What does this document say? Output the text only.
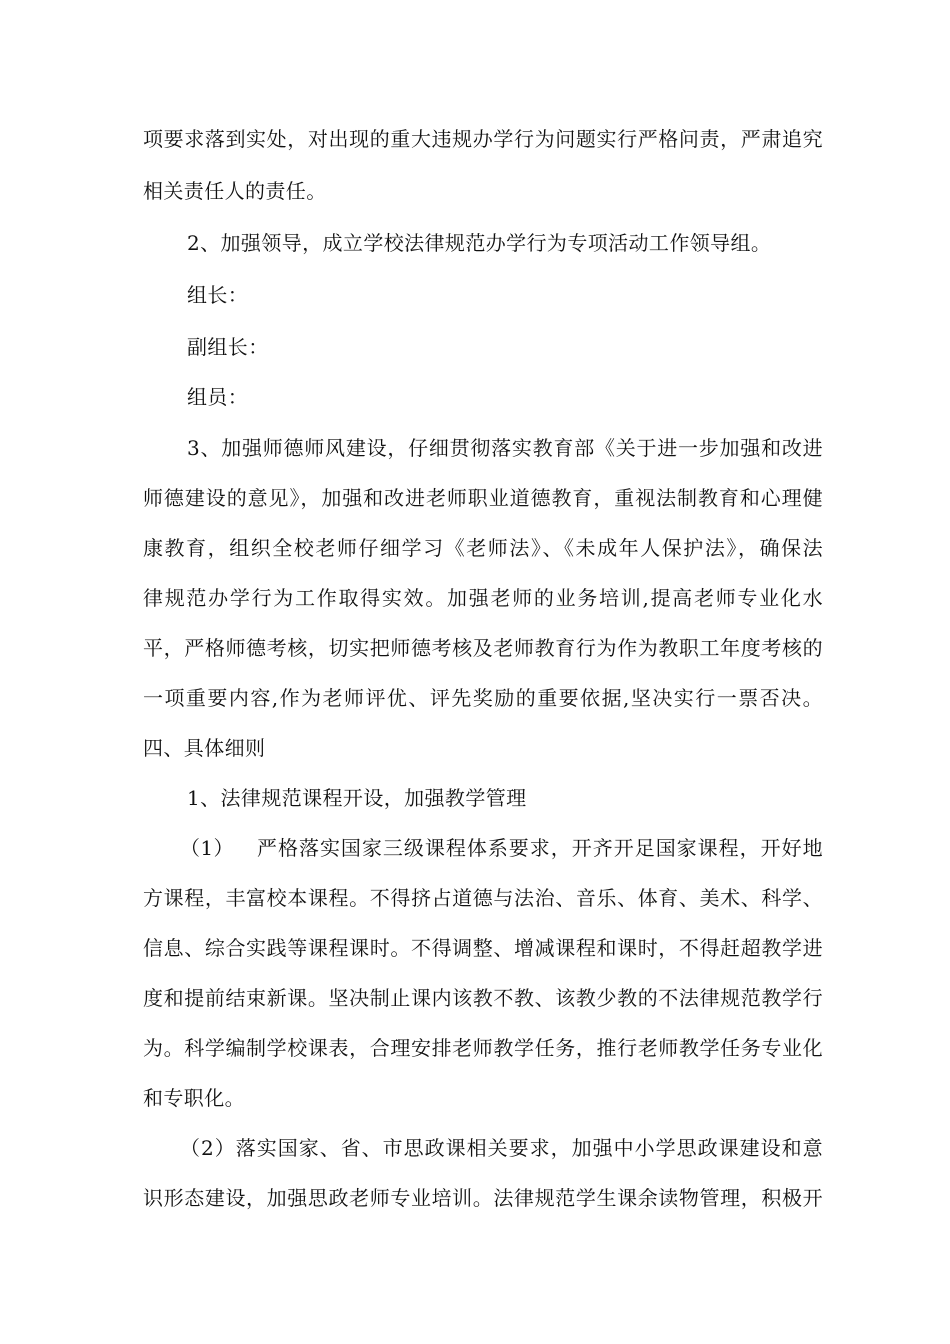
项要求落到实处，对出现的重大违规办学行为问题实行严格问责，严肃追究
相关责任人的责任。
2、加强领导，成立学校法律规范办学行为专项活动工作领导组。
组长：
副组长：
组员：
3、加强师德师风建设，仔细贯彻落实教育部《关于进一步加强和改进
师德建设的意见》，加强和改进老师职业道德教育，重视法制教育和心理健
康教育，组织全校老师仔细学习《老师法》、《未成年人保护法》，确保法
律规范办学行为工作取得实效。加强老师的业务培训,提高老师专业化水
平，严格师德考核，切实把师德考核及老师教育行为作为教职工年度考核的
一项重要内容,作为老师评优、评先奖励的重要依据,坚决实行一票否决。
四、具体细则
1、法律规范课程开设，加强教学管理
（1）	严格落实国家三级课程体系要求，开齐开足国家课程，开好地
方课程，丰富校本课程。不得挤占道德与法治、音乐、体育、美术、科学、
信息、综合实践等课程课时。不得调整、增减课程和课时，不得赶超教学进
度和提前结束新课。坚决制止课内该教不教、该教少教的不法律规范教学行
为。科学编制学校课表，合理安排老师教学任务，推行老师教学任务专业化
和专职化。
（2）落实国家、省、市思政课相关要求，加强中小学思政课建设和意
识形态建设，加强思政老师专业培训。法律规范学生课余读物管理，积极开
